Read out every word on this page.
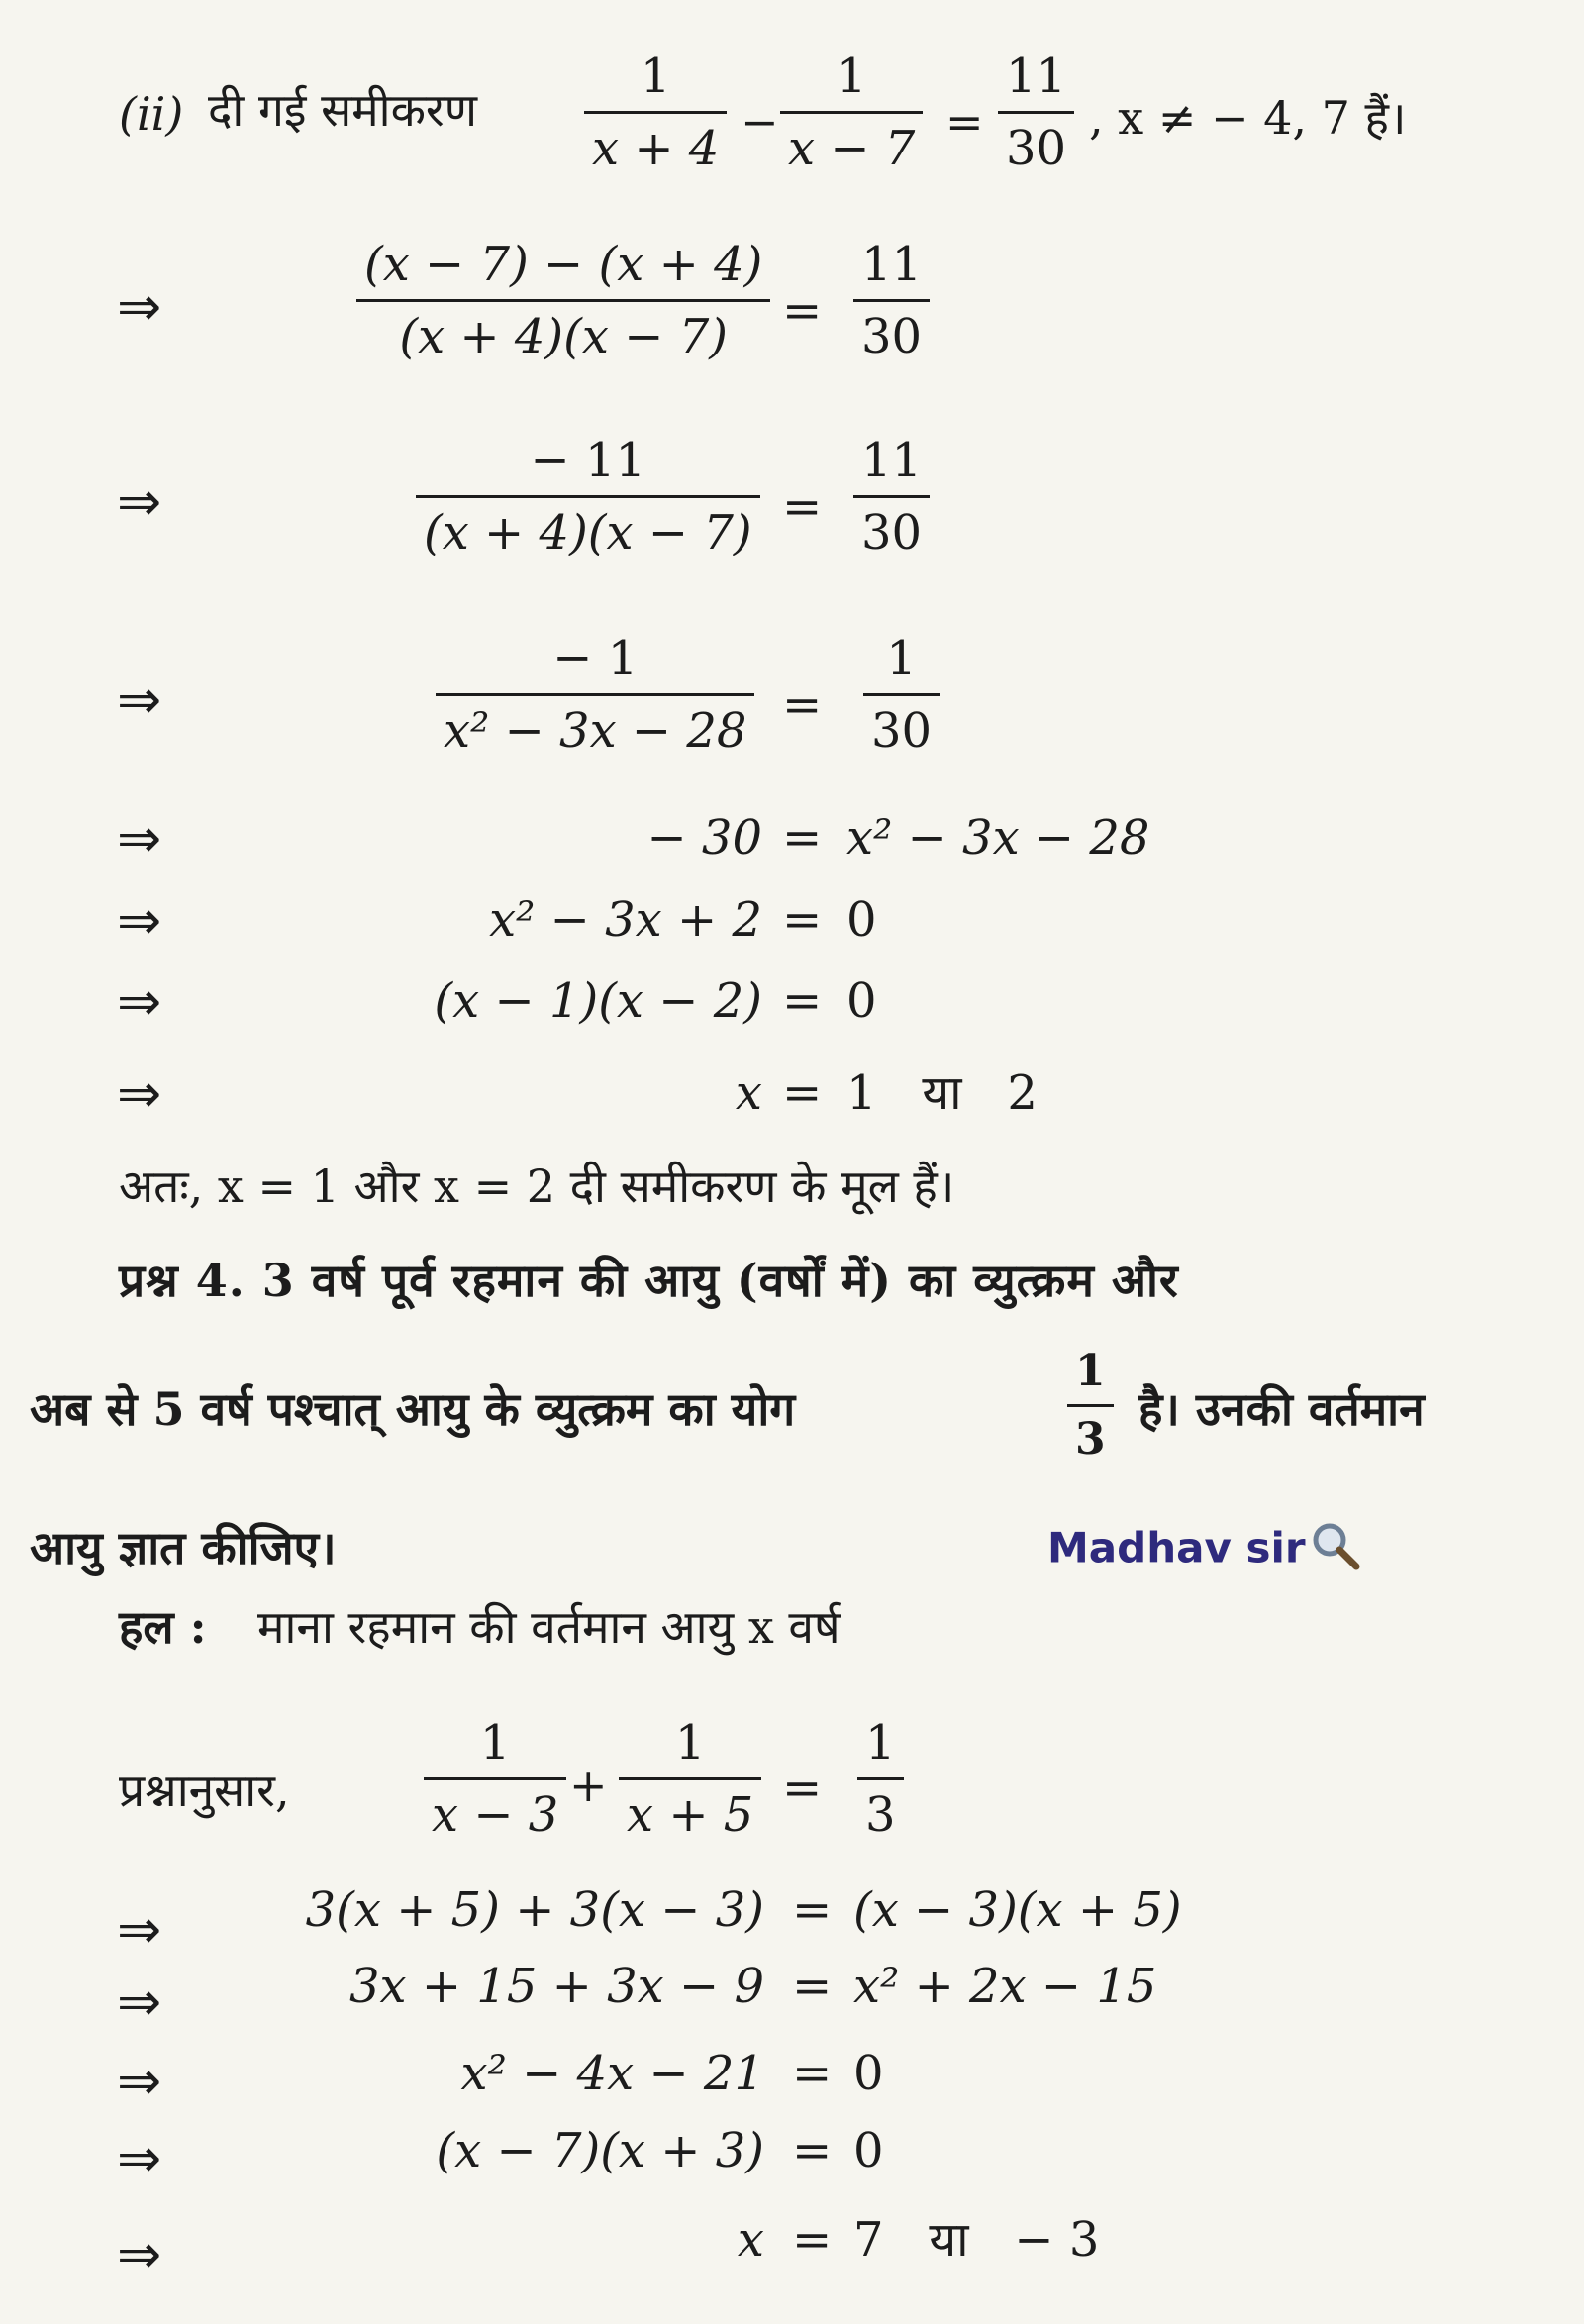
(ii) दी गई समीकरण
1
x + 4 −
1
x − 7 =
11
30
, x ≠ − 4, 7 हैं।
⇒
(x − 7) − (x + 4)
(x + 4)(x − 7) =
11
30
⇒
− 11
(x + 4)(x − 7) =
11
30
⇒
− 1
x² − 3x − 28 =
1
30
⇒	− 30 = x² − 3x − 28
⇒	x² − 3x + 2 = 0
⇒	(x − 1)(x − 2) = 0
⇒	x = 1   या   2
अतः, x = 1 और x = 2 दी समीकरण के मूल हैं।
प्रश्न 4. 3 वर्ष पूर्व रहमान की आयु (वर्षों में) का व्युत्क्रम और
अब से 5 वर्ष पश्चात् आयु के व्युत्क्रम का योग
1
3
है। उनकी वर्तमान
आयु ज्ञात कीजिए।	Madhav sir
हल : माना रहमान की वर्तमान आयु x वर्ष
प्रश्नानुसार,
1
x − 3
+
1
x + 5 =
1
3
⇒	3(x + 5) + 3(x − 3) = (x − 3)(x + 5)
⇒	3x + 15 + 3x − 9 = x² + 2x − 15
⇒	x² − 4x − 21 = 0
⇒	(x − 7)(x + 3) = 0
⇒	x = 7   या   − 3
